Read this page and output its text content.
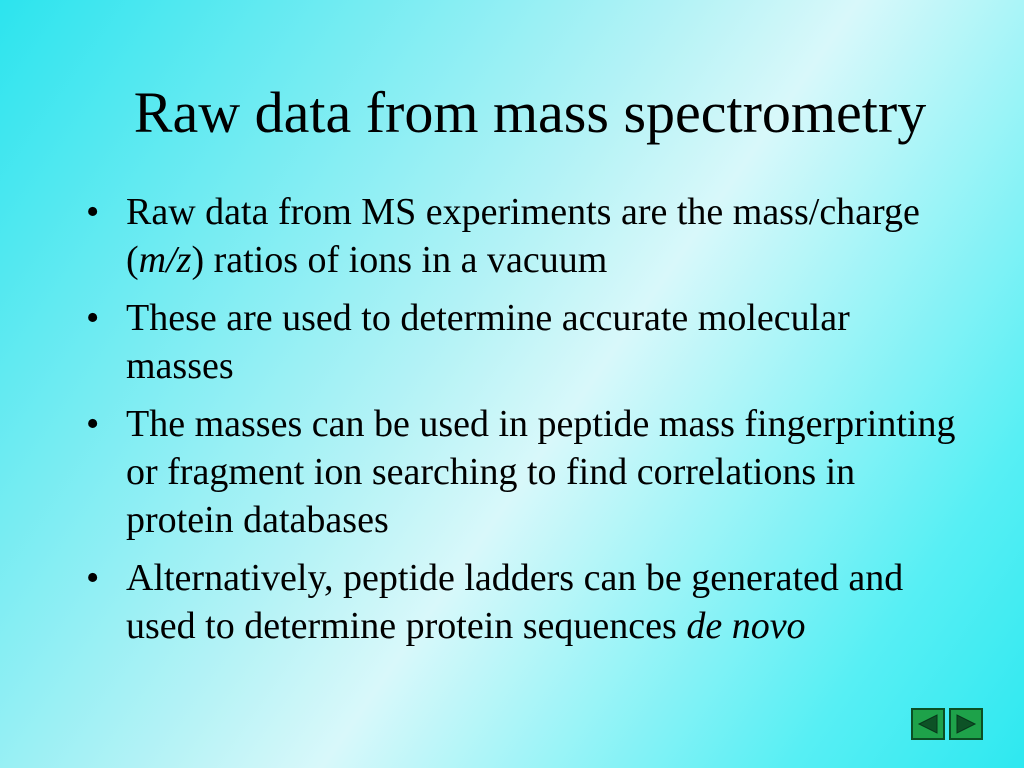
Raw data from mass spectrometry
• Raw data from MS experiments are the mass/charge (m/z) ratios of ions in a vacuum
• These are used to determine accurate molecular masses
• The masses can be used in peptide mass fingerprinting or fragment ion searching to find correlations in protein databases
• Alternatively, peptide ladders can be generated and used to determine protein sequences de novo
